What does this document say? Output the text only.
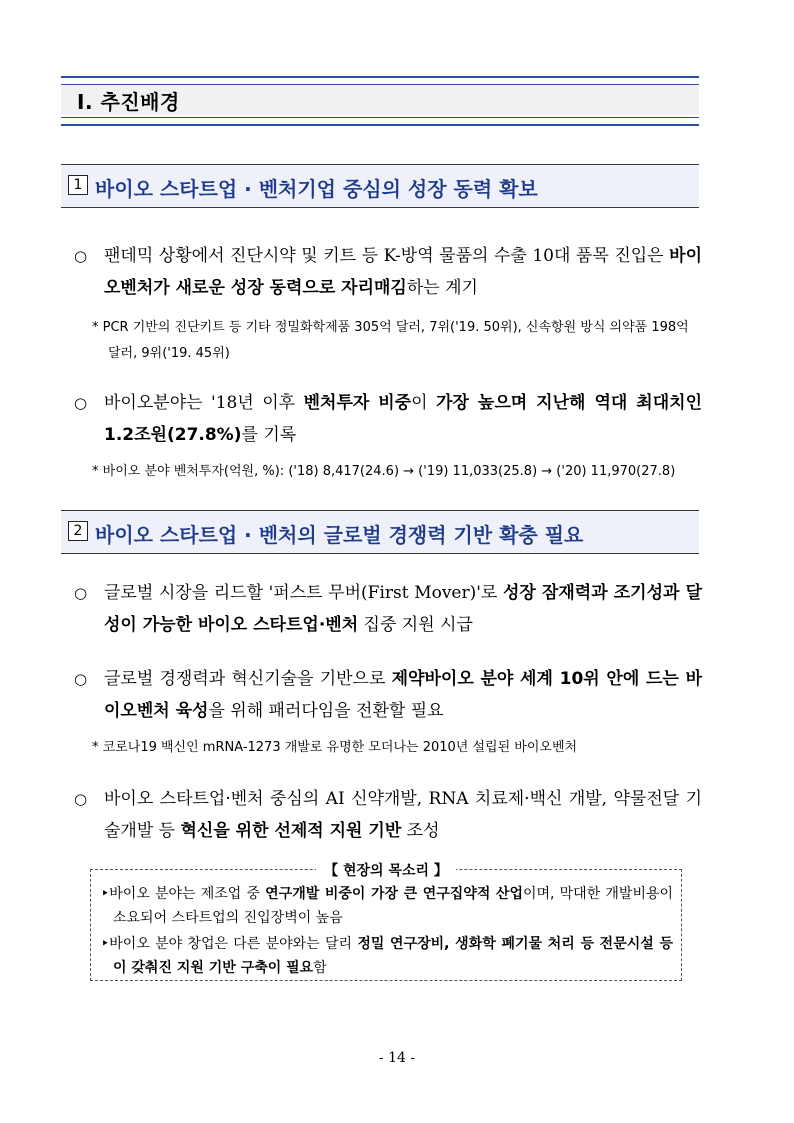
Ⅰ. 추진배경
1 바이오 스타트업 · 벤처기업 중심의 성장 동력 확보
○ 팬데믹 상황에서 진단시약 및 키트 등 K-방역 물품의 수출 10대 품목 진입은 바이오벤처가 새로운 성장 동력으로 자리매김하는 계기
* PCR 기반의 진단키트 등 기타 정밀화학제품 305억 달러, 7위('19. 50위), 신속항원 방식 의약품 198억 달러, 9위('19. 45위)
○ 바이오분야는 '18년 이후 벤처투자 비중이 가장 높으며 지난해 역대 최대치인 1.2조원(27.8%)를 기록
* 바이오 분야 벤처투자(억원, %): ('18) 8,417(24.6) → ('19) 11,033(25.8) → ('20) 11,970(27.8)
2 바이오 스타트업 · 벤처의 글로벌 경쟁력 기반 확충 필요
○ 글로벌 시장을 리드할 '퍼스트 무버(First Mover)'로 성장 잠재력과 조기성과 달성이 가능한 바이오 스타트업·벤처 집중 지원 시급
○ 글로벌 경쟁력과 혁신기술을 기반으로 제약바이오 분야 세계 10위 안에 드는 바이오벤처 육성을 위해 패러다임을 전환할 필요
* 코로나19 백신인 mRNA-1273 개발로 유명한 모더나는 2010년 설립된 바이오벤처
○ 바이오 스타트업·벤처 중심의 AI 신약개발, RNA 치료제·백신 개발, 약물전달 기술개발 등 혁신을 위한 선제적 지원 기반 조성
【 현장의 목소리 】
‣바이오 분야는 제조업 중 연구개발 비중이 가장 큰 연구집약적 산업이며, 막대한 개발비용이 소요되어 스타트업의 진입장벽이 높음
‣바이오 분야 창업은 다른 분야와는 달리 정밀 연구장비, 생화학 폐기물 처리 등 전문시설 등이 갖춰진 지원 기반 구축이 필요함
- 14 -
